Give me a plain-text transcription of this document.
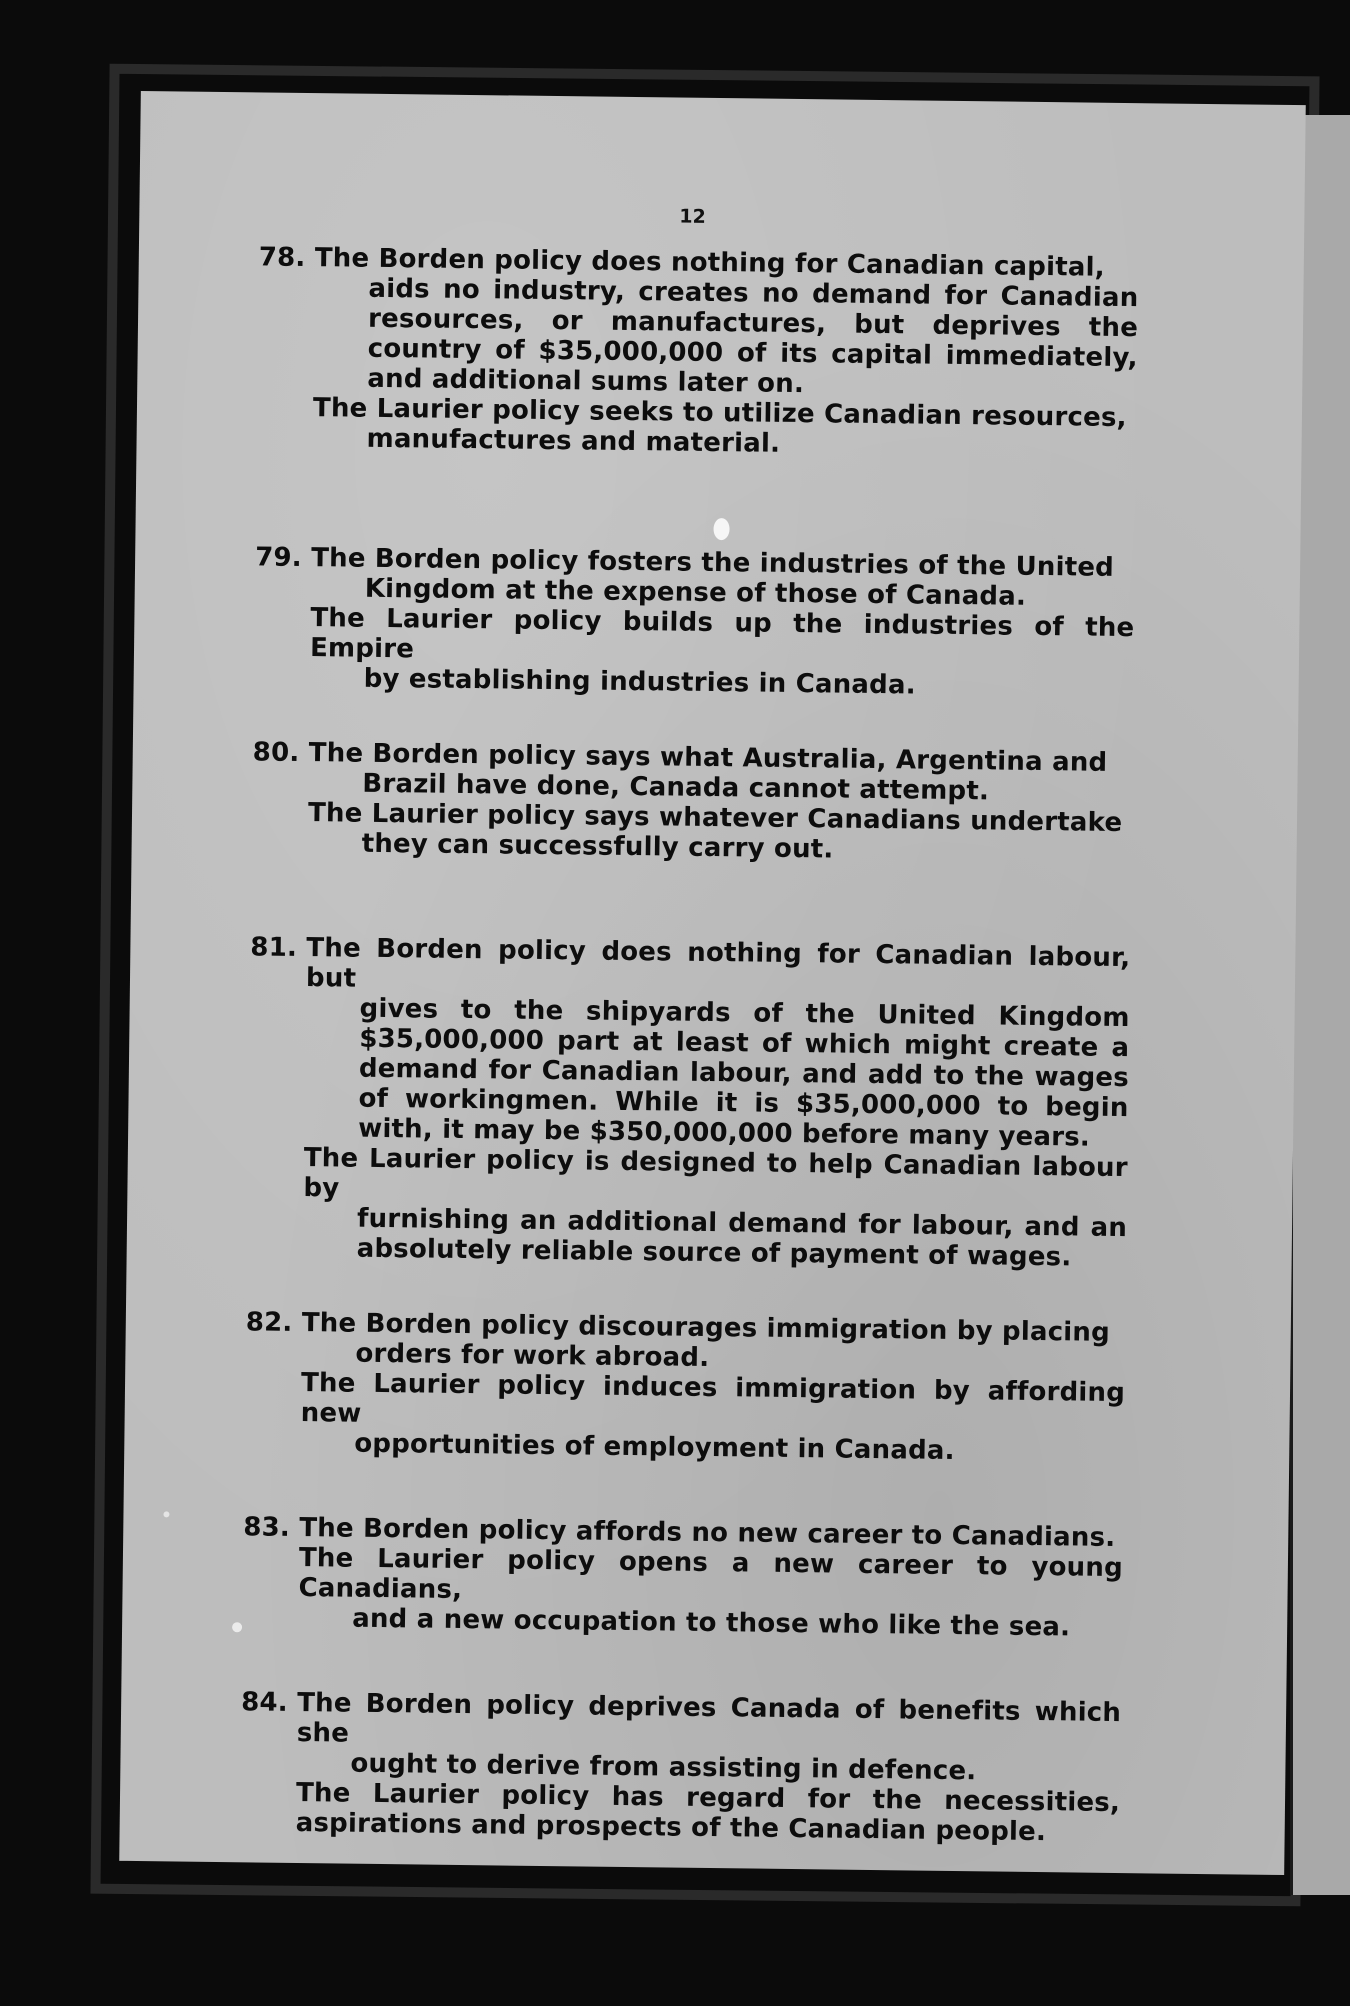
12
78. The Borden policy does nothing for Canadian capital,
aids no industry, creates no demand for Canadian resources, or manufactures, but deprives the country of $35,000,000 of its capital immediately, and additional sums later on.
The Laurier policy seeks to utilize Canadian resources,
manufactures and material.
79. The Borden policy fosters the industries of the United
Kingdom at the expense of those of Canada.
The Laurier policy builds up the industries of the Empire
by establishing industries in Canada.
80. The Borden policy says what Australia, Argentina and
Brazil have done, Canada cannot attempt.
The Laurier policy says whatever Canadians undertake
they can successfully carry out.
81. The Borden policy does nothing for Canadian labour, but
gives to the shipyards of the United Kingdom $35,000,000 part at least of which might create a demand for Canadian labour, and add to the wages of workingmen. While it is $35,000,000 to begin with, it may be $350,000,000 before many years.
The Laurier policy is designed to help Canadian labour by
furnishing an additional demand for labour, and an absolutely reliable source of payment of wages.
82. The Borden policy discourages immigration by placing
orders for work abroad.
The Laurier policy induces immigration by affording new
opportunities of employment in Canada.
83. The Borden policy affords no new career to Canadians.
The Laurier policy opens a new career to young Canadians,
and a new occupation to those who like the sea.
84. The Borden policy deprives Canada of benefits which she
ought to derive from assisting in defence.
The Laurier policy has regard for the necessities, aspirations and prospects of the Canadian people.
